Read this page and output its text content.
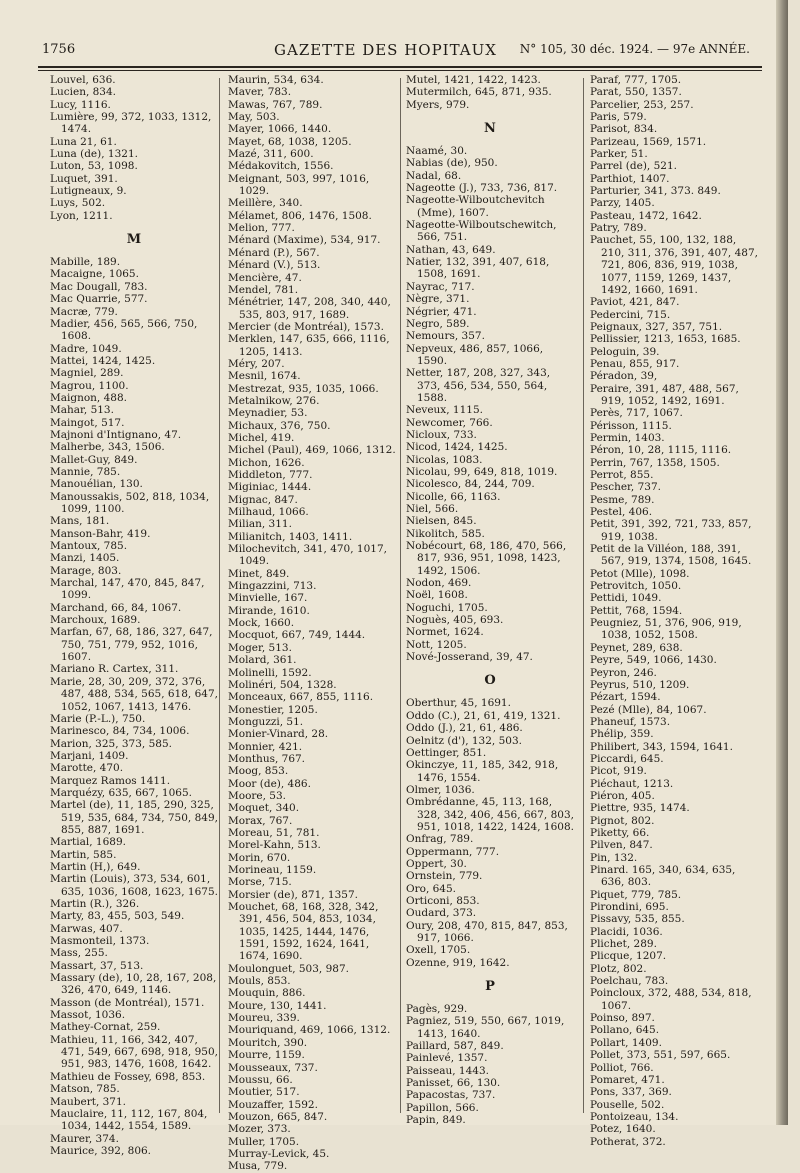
1756	GAZETTE DES HOPITAUX N° 105, 30 déc. 1924. — 97e ANNÉE.
Louvel, 636.
Lucien, 834.
Lucy, 1116.
Lumière, 99, 372, 1033, 1312, 1474.
Luna 21, 61.
Luna (de), 1321.
Luton, 53, 1098.
Luquet, 391.
Lutigneaux, 9.
Luys, 502.
Lyon, 1211.
M
Mabille, 189.
Macaigne, 1065.
Mac Dougall, 783.
Mac Quarrie, 577.
Macræ, 779.
Madier, 456, 565, 566, 750, 1608.
Madre, 1049.
Mattei, 1424, 1425.
Magniel, 289.
Magrou, 1100.
Maignon, 488.
Mahar, 513.
Maingot, 517.
Majnoni d'Intignano, 47.
Malherbe, 343, 1506.
Mallet-Guy, 849.
Mannie, 785.
Manouélian, 130.
Manoussakis, 502, 818, 1034, 1099, 1100.
Mans, 181.
Manson-Bahr, 419.
Mantoux, 785.
Manzi, 1405.
Marage, 803.
Marchal, 147, 470, 845, 847, 1099.
Marchand, 66, 84, 1067.
Marchoux, 1689.
Marfan, 67, 68, 186, 327, 647, 750, 751, 779, 952, 1016, 1607.
Mariano R. Cartex, 311.
Marie, 28, 30, 209, 372, 376, 487, 488, 534, 565, 618, 647, 1052, 1067, 1413, 1476.
Marie (P.-L.), 750.
Marinesco, 84, 734, 1006.
Marion, 325, 373, 585.
Marjani, 1409.
Marotte, 470.
Marquez Ramos 1411.
Marquézy, 635, 667, 1065.
Martel (de), 11, 185, 290, 325, 519, 535, 684, 734, 750, 849, 855, 887, 1691.
Martial, 1689.
Martin, 585.
Martin (H,), 649.
Martin (Louis), 373, 534, 601, 635, 1036, 1608, 1623, 1675.
Martin (R.), 326.
Marty, 83, 455, 503, 549.
Marwas, 407.
Masmonteil, 1373.
Mass, 255.
Massart, 37, 513.
Massary (de), 10, 28, 167, 208, 326, 470, 649, 1146.
Masson (de Montréal), 1571.
Massot, 1036.
Mathey-Cornat, 259.
Mathieu, 11, 166, 342, 407, 471, 549, 667, 698, 918, 950, 951, 983, 1476, 1608, 1642.
Mathieu de Fossey, 698, 853.
Matson, 785.
Maubert, 371.
Mauclaire, 11, 112, 167, 804, 1034, 1442, 1554, 1589.
Maurer, 374.
Maurice, 392, 806.
Maurin, 534, 634.
Maver, 783.
Mawas, 767, 789.
May, 503.
Mayer, 1066, 1440.
Mayet, 68, 1038, 1205.
Mazé, 311, 600.
Médakovitch, 1556.
Meignant, 503, 997, 1016, 1029.
Meillère, 340.
Mélamet, 806, 1476, 1508.
Melion, 777.
Ménard (Maxime), 534, 917.
Ménard (P.), 567.
Ménard (V.), 513.
Mencière, 47.
Mendel, 781.
Ménétrier, 147, 208, 340, 440, 535, 803, 917, 1689.
Mercier (de Montréal), 1573.
Merklen, 147, 635, 666, 1116, 1205, 1413.
Méry, 207.
Mesnil, 1674.
Mestrezat, 935, 1035, 1066.
Metalnikow, 276.
Meynadier, 53.
Michaux, 376, 750.
Michel, 419.
Michel (Paul), 469, 1066, 1312.
Michon, 1626.
Middleton, 777.
Miginiac, 1444.
Mignac, 847.
Milhaud, 1066.
Milian, 311.
Milianitch, 1403, 1411.
Milochevitch, 341, 470, 1017, 1049.
Minet, 849.
Mingazzini, 713.
Minvielle, 167.
Mirande, 1610.
Mock, 1660.
Mocquot, 667, 749, 1444.
Moger, 513.
Molard, 361.
Molinelli, 1592.
Molinéri, 504, 1328.
Monceaux, 667, 855, 1116.
Monestier, 1205.
Monguzzi, 51.
Monier-Vinard, 28.
Monnier, 421.
Monthus, 767.
Moog, 853.
Moor (de), 486.
Moore, 53.
Moquet, 340.
Morax, 767.
Moreau, 51, 781.
Morel-Kahn, 513.
Morin, 670.
Morineau, 1159.
Morse, 715.
Morsier (de), 871, 1357.
Mouchet, 68, 168, 328, 342, 391, 456, 504, 853, 1034, 1035, 1425, 1444, 1476, 1591, 1592, 1624, 1641, 1674, 1690.
Moulonguet, 503, 987.
Mouls, 853.
Mouquin, 886.
Moure, 130, 1441.
Moureu, 339.
Mouriquand, 469, 1066, 1312.
Mouritch, 390.
Mourre, 1159.
Mousseaux, 737.
Moussu, 66.
Moutier, 517.
Mouzaffer, 1592.
Mouzon, 665, 847.
Mozer, 373.
Muller, 1705.
Murray-Levick, 45.
Musa, 779.
Mutel, 1421, 1422, 1423.
Mutermilch, 645, 871, 935.
Myers, 979.
N
Naamé, 30.
Nabias (de), 950.
Nadal, 68.
Nageotte (J.), 733, 736, 817.
Nageotte-Wilboutchevitch (Mme), 1607.
Nageotte-Wilboutschewitch, 566, 751.
Nathan, 43, 649.
Natier, 132, 391, 407, 618, 1508, 1691.
Nayrac, 717.
Nègre, 371.
Négrier, 471.
Negro, 589.
Nemours, 357.
Nepveux, 486, 857, 1066, 1590.
Netter, 187, 208, 327, 343, 373, 456, 534, 550, 564, 1588.
Neveux, 1115.
Newcomer, 766.
Nicloux, 733.
Nicod, 1424, 1425.
Nicolas, 1083.
Nicolau, 99, 649, 818, 1019.
Nicolesco, 84, 244, 709.
Nicolle, 66, 1163.
Niel, 566.
Nielsen, 845.
Nikolitch, 585.
Nobécourt, 68, 186, 470, 566, 817, 936, 951, 1098, 1423, 1492, 1506.
Nodon, 469.
Noël, 1608.
Noguchi, 1705.
Noguès, 405, 693.
Normet, 1624.
Nott, 1205.
Nové-Josserand, 39, 47.
O
Oberthur, 45, 1691.
Oddo (C.), 21, 61, 419, 1321.
Oddo (J.), 21, 61, 486.
Oelnitz (d'), 132, 503.
Oettinger, 851.
Okinczye, 11, 185, 342, 918, 1476, 1554.
Olmer, 1036.
Ombrédanne, 45, 113, 168, 328, 342, 406, 456, 667, 803, 951, 1018, 1422, 1424, 1608.
Onfrag, 789.
Oppermann, 777.
Oppert, 30.
Ornstein, 779.
Oro, 645.
Orticoni, 853.
Oudard, 373.
Oury, 208, 470, 815, 847, 853, 917, 1066.
Oxell, 1705.
Ozenne, 919, 1642.
P
Pagès, 929.
Pagniez, 519, 550, 667, 1019, 1413, 1640.
Paillard, 587, 849.
Painlevé, 1357.
Paisseau, 1443.
Panisset, 66, 130.
Papacostas, 737.
Papillon, 566.
Papin, 849.
Paraf, 777, 1705.
Parat, 550, 1357.
Parcelier, 253, 257.
Paris, 579.
Parisot, 834.
Parizeau, 1569, 1571.
Parker, 51.
Parrel (de), 521.
Parthiot, 1407.
Parturier, 341, 373. 849.
Parzy, 1405.
Pasteau, 1472, 1642.
Patry, 789.
Pauchet, 55, 100, 132, 188, 210, 311, 376, 391, 407, 487, 721, 806, 836, 919, 1038, 1077, 1159, 1269, 1437, 1492, 1660, 1691.
Paviot, 421, 847.
Pedercini, 715.
Peignaux, 327, 357, 751.
Pellissier, 1213, 1653, 1685.
Peloguin, 39.
Penau, 855, 917.
Péradon, 39,
Peraire, 391, 487, 488, 567, 919, 1052, 1492, 1691.
Perès, 717, 1067.
Périsson, 1115.
Permin, 1403.
Péron, 10, 28, 1115, 1116.
Perrin, 767, 1358, 1505.
Perrot, 855.
Pescher, 737.
Pesme, 789.
Pestel, 406.
Petit, 391, 392, 721, 733, 857, 919, 1038.
Petit de la Villéon, 188, 391, 567, 919, 1374, 1508, 1645.
Petot (Mlle), 1098.
Petrovitch, 1050.
Pettidi, 1049.
Pettit, 768, 1594.
Peugniez, 51, 376, 906, 919, 1038, 1052, 1508.
Peynet, 289, 638.
Peyre, 549, 1066, 1430.
Peyron, 246.
Peyrus, 510, 1209.
Pézart, 1594.
Pezé (Mlle), 84, 1067.
Phaneuf, 1573.
Phélip, 359.
Philibert, 343, 1594, 1641.
Piccardi, 645.
Picot, 919.
Piéchaut, 1213.
Piéron, 405.
Piettre, 935, 1474.
Pignot, 802.
Piketty, 66.
Pilven, 847.
Pin, 132.
Pinard. 165, 340, 634, 635, 636, 803.
Piquet, 779, 785.
Pirondini, 695.
Pissavy, 535, 855.
Placidi, 1036.
Plichet, 289.
Plicque, 1207.
Plotz, 802.
Poelchau, 783.
Poincloux, 372, 488, 534, 818, 1067.
Poinso, 897.
Pollano, 645.
Pollart, 1409.
Pollet, 373, 551, 597, 665.
Polliot, 766.
Pomaret, 471.
Pons, 337, 369.
Pouselle, 502.
Pontoizeau, 134.
Potez, 1640.
Potherat, 372.
